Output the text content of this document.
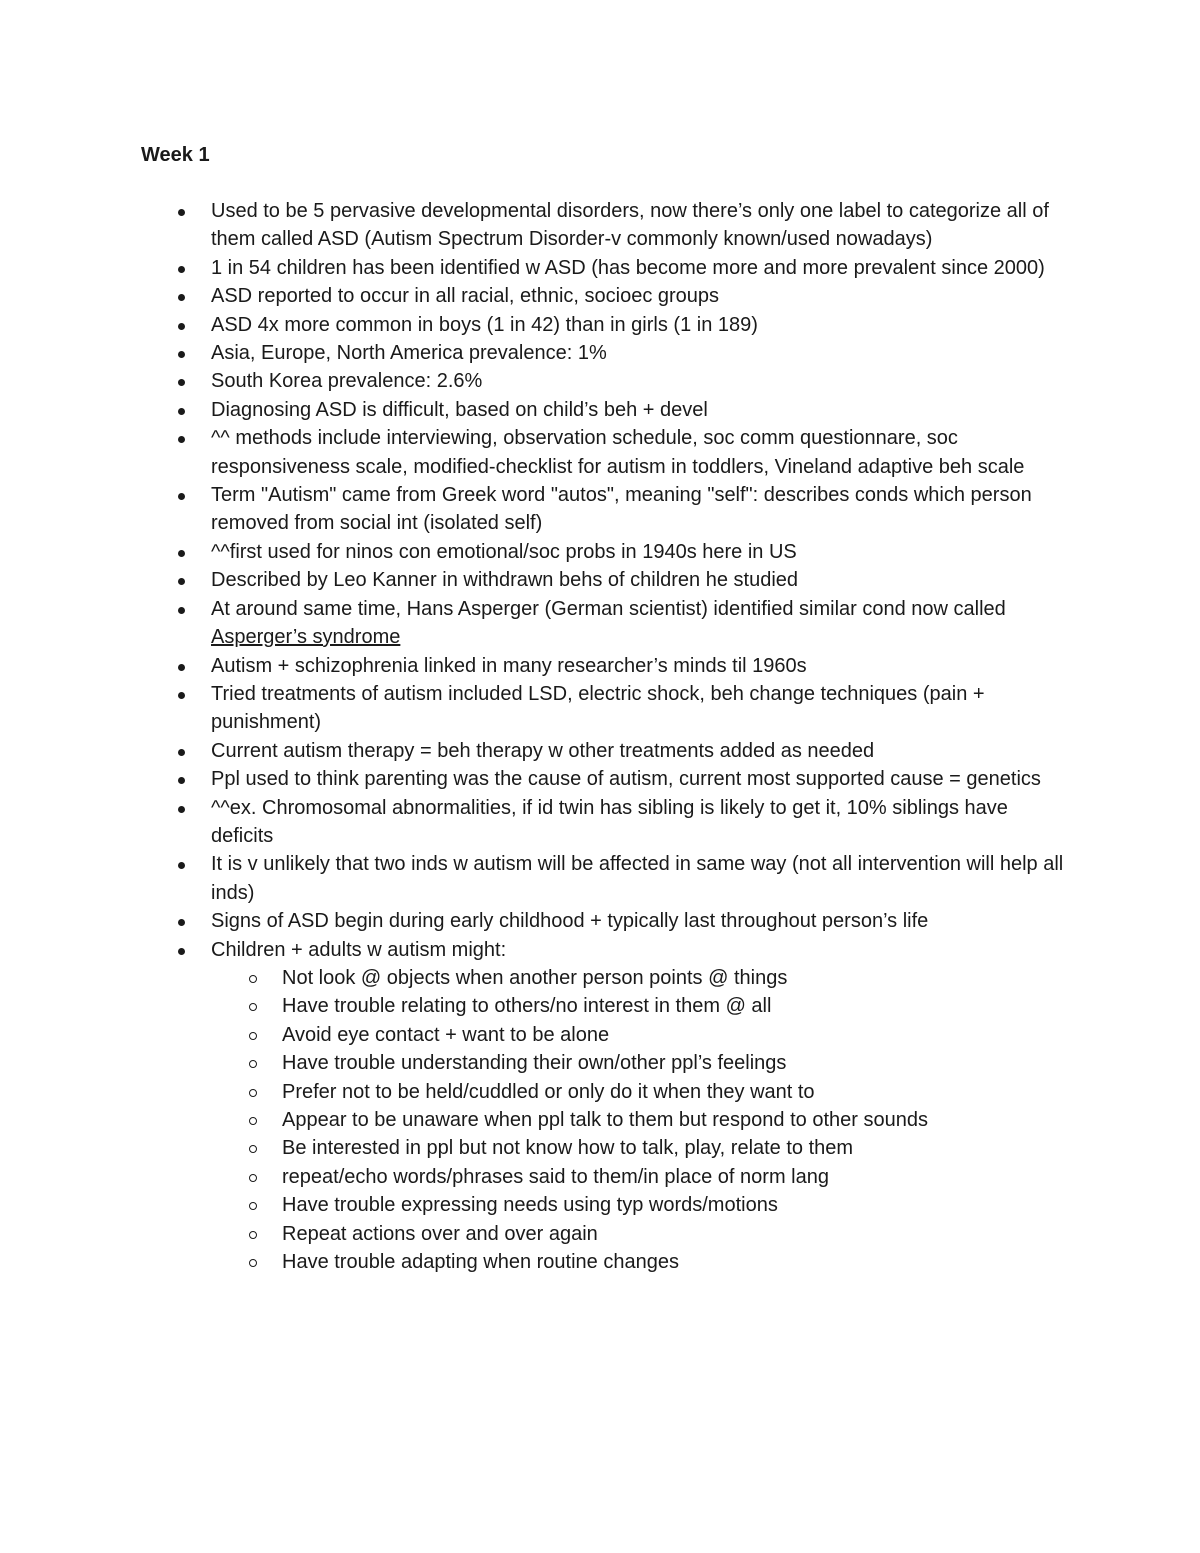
Week 1
Used to be 5 pervasive developmental disorders, now there’s only one label to categorize all of them called ASD (Autism Spectrum Disorder-v commonly known/used nowadays)
1 in 54 children has been identified w ASD (has become more and more prevalent since 2000)
ASD reported to occur in all racial, ethnic, socioec groups
ASD 4x more common in boys (1 in 42) than in girls (1 in 189)
Asia, Europe, North America prevalence: 1%
South Korea prevalence: 2.6%
Diagnosing ASD is difficult, based on child’s beh + devel
^^ methods include interviewing, observation schedule, soc comm questionnare, soc responsiveness scale, modified-checklist for autism in toddlers, Vineland adaptive beh scale
Term "Autism" came from Greek word "autos", meaning "self": describes conds which person removed from social int (isolated self)
^^first used for ninos con emotional/soc probs in 1940s here in US
Described by Leo Kanner in withdrawn behs of children he studied
At around same time, Hans Asperger (German scientist) identified similar cond now called Asperger’s syndrome
Autism + schizophrenia linked in many researcher’s minds til 1960s
Tried treatments of autism included LSD, electric shock, beh change techniques (pain + punishment)
Current autism therapy = beh therapy w other treatments added as needed
Ppl used to think parenting was the cause of autism, current most supported cause = genetics
^^ex. Chromosomal abnormalities, if id twin has sibling is likely to get it, 10% siblings have deficits
It is v unlikely that two inds w autism will be affected in same way (not all intervention will help all inds)
Signs of ASD begin during early childhood + typically last throughout person’s life
Children + adults w autism might:
Not look @ objects when another person points @ things
Have trouble relating to others/no interest in them @ all
Avoid eye contact + want to be alone
Have trouble understanding their own/other ppl’s feelings
Prefer not to be held/cuddled or only do it when they want to
Appear to be unaware when ppl talk to them but respond to other sounds
Be interested in ppl but not know how to talk, play, relate to them
repeat/echo words/phrases said to them/in place of norm lang
Have trouble expressing needs using typ words/motions
Repeat actions over and over again
Have trouble adapting when routine changes
